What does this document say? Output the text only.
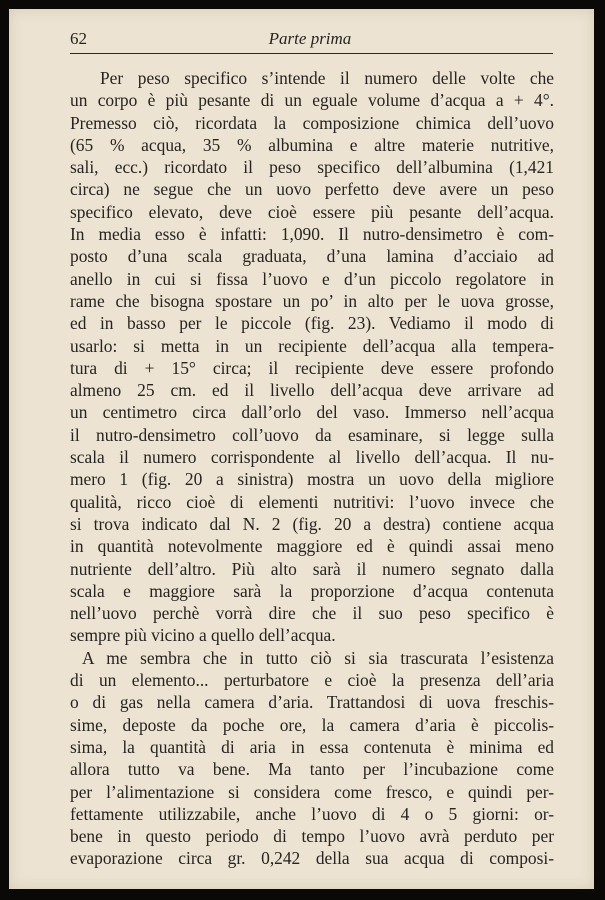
62	Parte prima
Per peso specifico s’intende il numero delle volte che
un corpo è più pesante di un eguale volume d’acqua a + 4°.
Premesso ciò, ricordata la composizione chimica dell’uovo
(65 % acqua, 35 % albumina e altre materie nutritive,
sali, ecc.) ricordato il peso specifico dell’albumina (1,421
circa) ne segue che un uovo perfetto deve avere un peso
specifico elevato, deve cioè essere più pesante dell’acqua.
In media esso è infatti: 1,090. Il nutro-densimetro è com-
posto d’una scala graduata, d’una lamina d’acciaio ad
anello in cui si fissa l’uovo e d’un piccolo regolatore in
rame che bisogna spostare un po’ in alto per le uova grosse,
ed in basso per le piccole (fig. 23). Vediamo il modo di
usarlo: si metta in un recipiente dell’acqua alla tempera-
tura di + 15° circa; il recipiente deve essere profondo
almeno 25 cm. ed il livello dell’acqua deve arrivare ad
un centimetro circa dall’orlo del vaso. Immerso nell’acqua
il nutro-densimetro coll’uovo da esaminare, si legge sulla
scala il numero corrispondente al livello dell’acqua. Il nu-
mero 1 (fig. 20 a sinistra) mostra un uovo della migliore
qualità, ricco cioè di elementi nutritivi: l’uovo invece che
si trova indicato dal N. 2 (fig. 20 a destra) contiene acqua
in quantità notevolmente maggiore ed è quindi assai meno
nutriente dell’altro. Più alto sarà il numero segnato dalla
scala e maggiore sarà la proporzione d’acqua contenuta
nell’uovo perchè vorrà dire che il suo peso specifico è
sempre più vicino a quello dell’acqua.
A me sembra che in tutto ciò si sia trascurata l’esistenza
di un elemento... perturbatore e cioè la presenza dell’aria
o di gas nella camera d’aria. Trattandosi di uova freschis-
sime, deposte da poche ore, la camera d’aria è piccolis-
sima, la quantità di aria in essa contenuta è minima ed
allora tutto va bene. Ma tanto per l’incubazione come
per l’alimentazione si considera come fresco, e quindi per-
fettamente utilizzabile, anche l’uovo di 4 o 5 giorni: or-
bene in questo periodo di tempo l’uovo avrà perduto per
evaporazione circa gr. 0,242 della sua acqua di composi-
